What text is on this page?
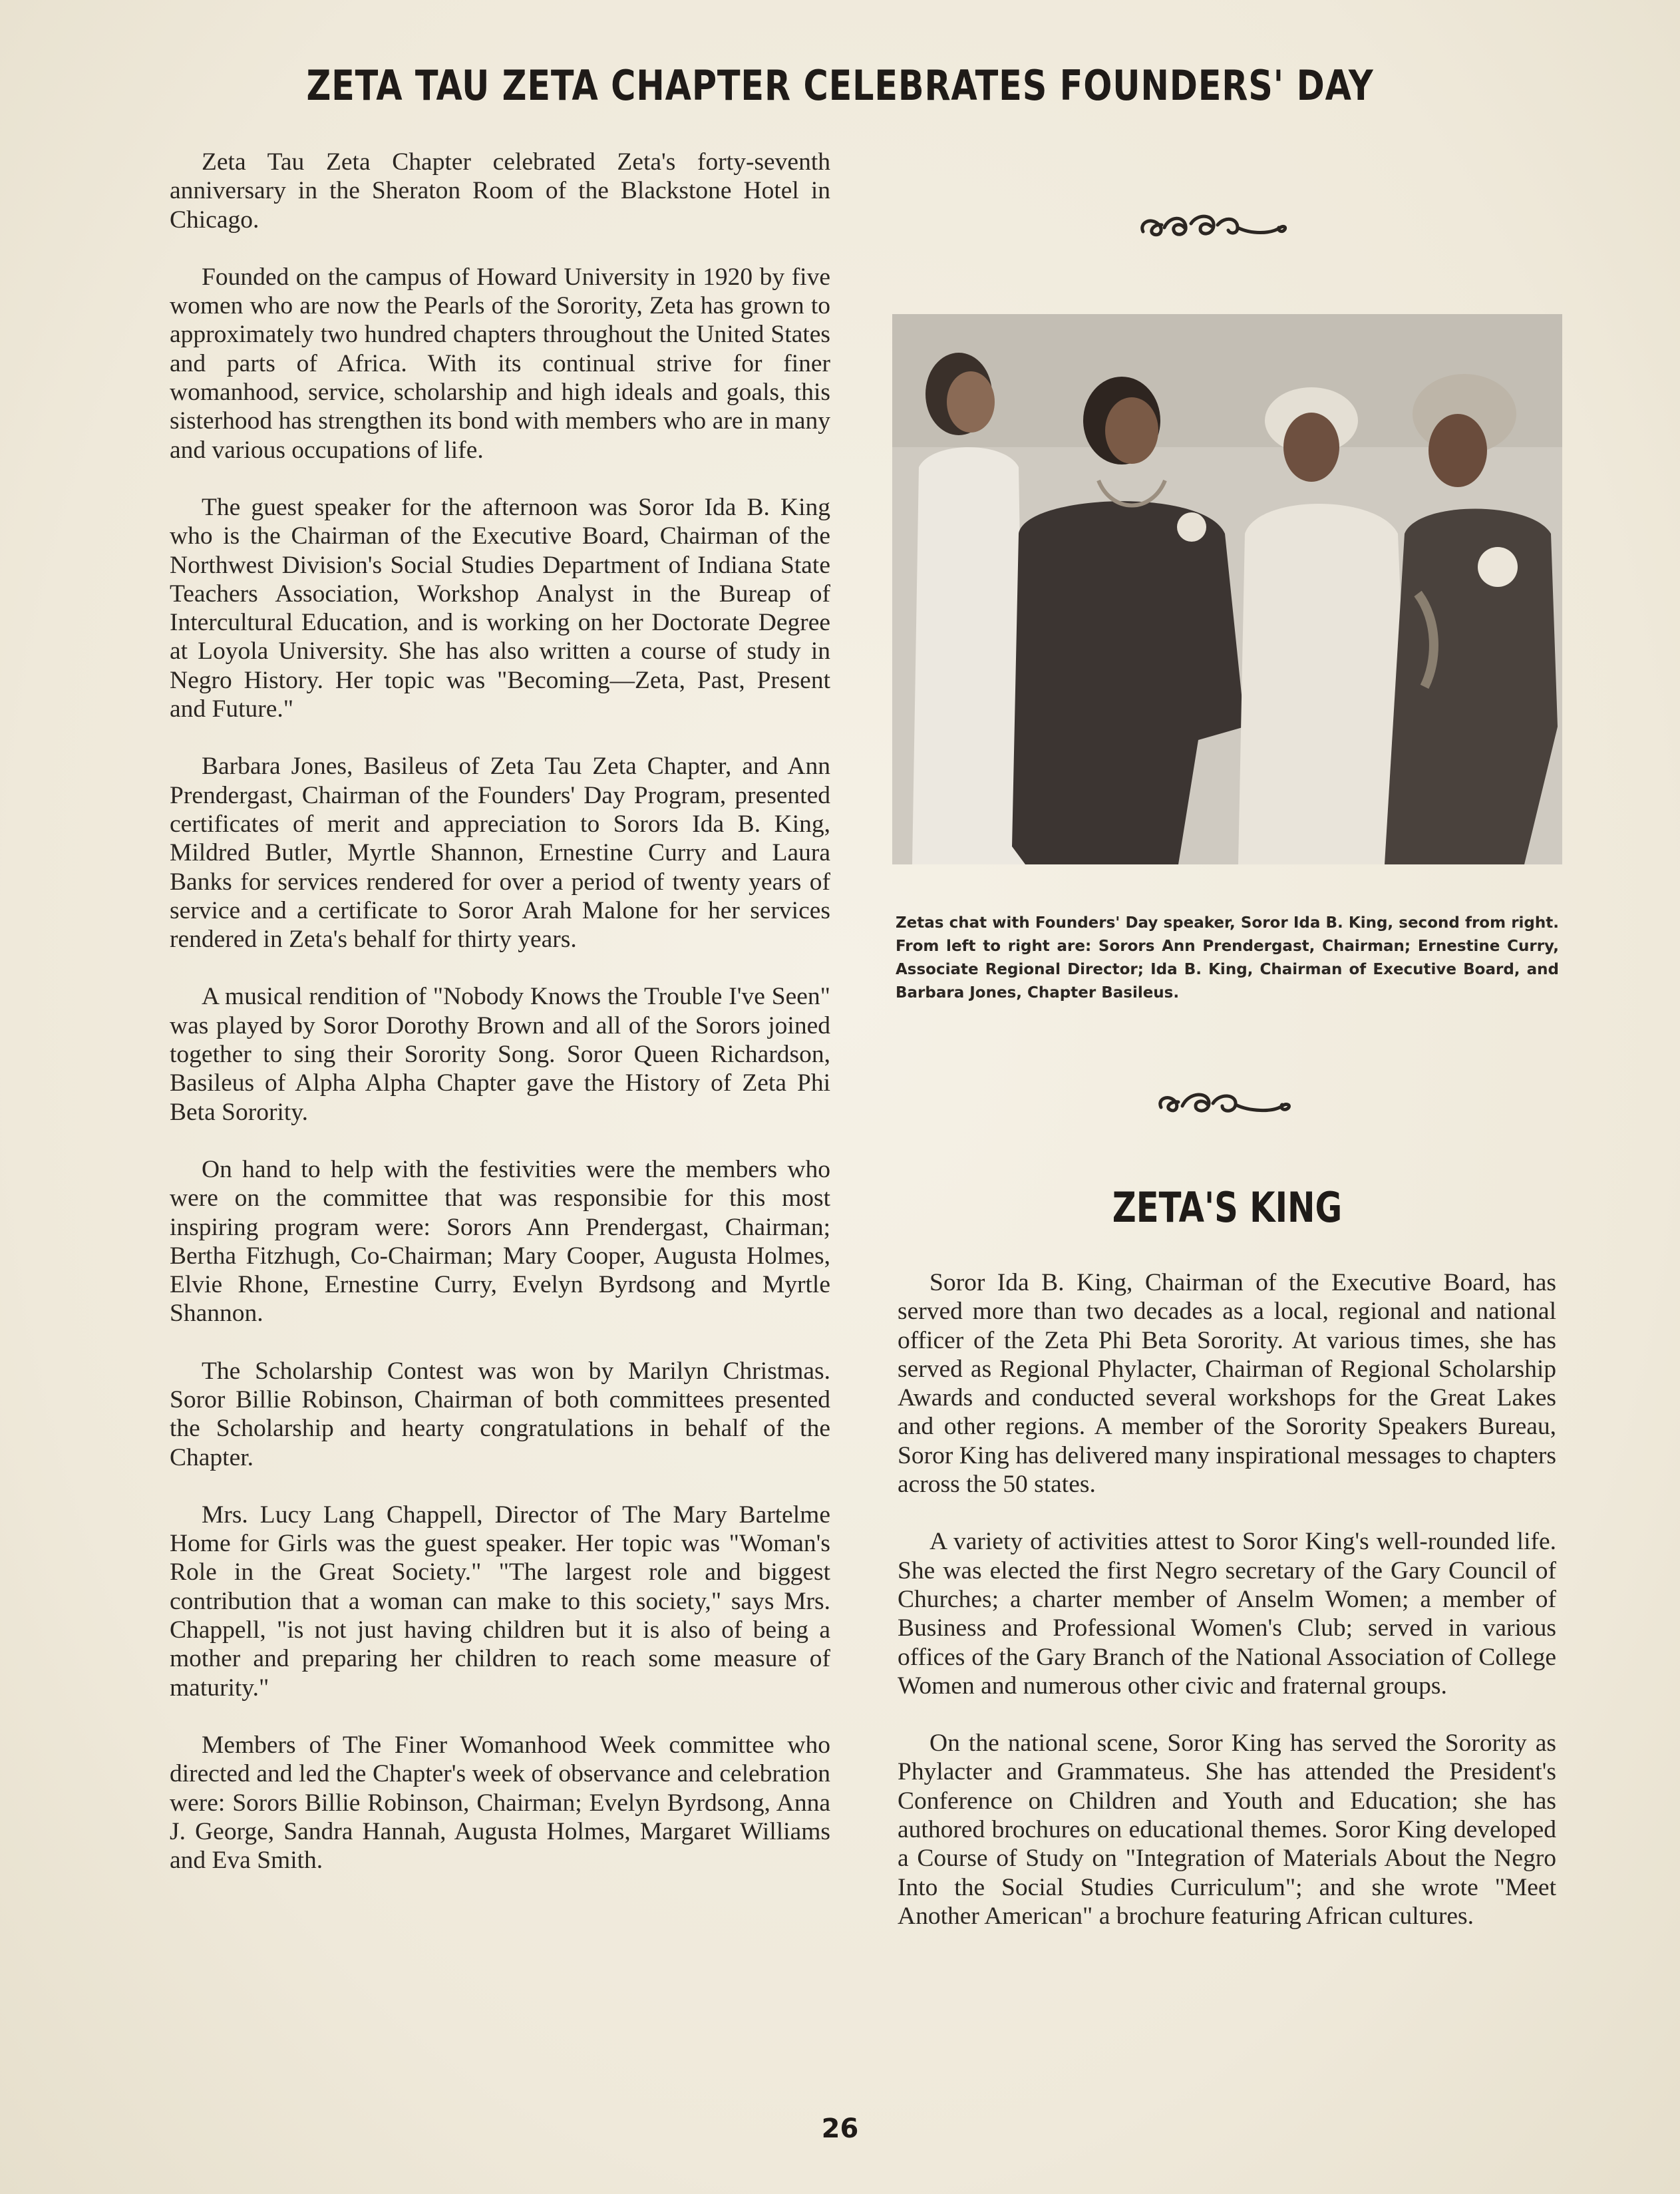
ZETA TAU ZETA CHAPTER CELEBRATES FOUNDERS' DAY

Zeta Tau Zeta Chapter celebrated Zeta's forty-seventh anniversary in the Sheraton Room of the Blackstone Hotel in Chicago.

Founded on the campus of Howard University in 1920 by five women who are now the Pearls of the Sorority, Zeta has grown to approximately two hundred chapters throughout the United States and parts of Africa. With its continual strive for finer womanhood, service, scholarship and high ideals and goals, this sisterhood has strengthen its bond with members who are in many and various occupations of life.

The guest speaker for the afternoon was Soror Ida B. King who is the Chairman of the Executive Board, Chairman of the Northwest Division's Social Studies Department of Indiana State Teachers Association, Workshop Analyst in the Bureap of Intercultural Education, and is working on her Doctorate Degree at Loyola University. She has also written a course of study in Negro History. Her topic was "Becoming—Zeta, Past, Present and Future."

Barbara Jones, Basileus of Zeta Tau Zeta Chapter, and Ann Prendergast, Chairman of the Founders' Day Program, presented certificates of merit and appreciation to Sorors Ida B. King, Mildred Butler, Myrtle Shannon, Ernestine Curry and Laura Banks for services rendered for over a period of twenty years of service and a certificate to Soror Arah Malone for her services rendered in Zeta's behalf for thirty years.

A musical rendition of "Nobody Knows the Trouble I've Seen" was played by Soror Dorothy Brown and all of the Sorors joined together to sing their Sorority Song. Soror Queen Richardson, Basileus of Alpha Alpha Chapter gave the History of Zeta Phi Beta Sorority.

On hand to help with the festivities were the members who were on the committee that was responsibie for this most inspiring program were: Sorors Ann Prendergast, Chairman; Bertha Fitzhugh, Co-Chairman; Mary Cooper, Augusta Holmes, Elvie Rhone, Ernestine Curry, Evelyn Byrdsong and Myrtle Shannon.

The Scholarship Contest was won by Marilyn Christmas. Soror Billie Robinson, Chairman of both committees presented the Scholarship and hearty congratulations in behalf of the Chapter.

Mrs. Lucy Lang Chappell, Director of The Mary Bartelme Home for Girls was the guest speaker. Her topic was "Woman's Role in the Great Society." "The largest role and biggest contribution that a woman can make to this society," says Mrs. Chappell, "is not just having children but it is also of being a mother and preparing her children to reach some measure of maturity."

Members of The Finer Womanhood Week committee who directed and led the Chapter's week of observance and celebration were: Sorors Billie Robinson, Chairman; Evelyn Byrdsong, Anna J. George, Sandra Hannah, Augusta Holmes, Margaret Williams and Eva Smith.

Zetas chat with Founders' Day speaker, Soror Ida B. King, second from right. From left to right are: Sorors Ann Prendergast, Chairman; Ernestine Curry, Associate Regional Director; Ida B. King, Chairman of Executive Board, and Barbara Jones, Chapter Basileus.
ZETA'S KING

Soror Ida B. King, Chairman of the Executive Board, has served more than two decades as a local, regional and national officer of the Zeta Phi Beta Sorority. At various times, she has served as Regional Phylacter, Chairman of Regional Scholarship Awards and conducted several workshops for the Great Lakes and other regions. A member of the Sorority Speakers Bureau, Soror King has delivered many inspirational messages to chapters across the 50 states.

A variety of activities attest to Soror King's well-rounded life. She was elected the first Negro secretary of the Gary Council of Churches; a charter member of Anselm Women; a member of Business and Professional Women's Club; served in various offices of the Gary Branch of the National Association of College Women and numerous other civic and fraternal groups.

On the national scene, Soror King has served the Sorority as Phylacter and Grammateus. She has attended the President's Conference on Children and Youth and Education; she has authored brochures on educational themes. Soror King developed a Course of Study on "Integration of Materials About the Negro Into the Social Studies Curriculum"; and she wrote "Meet Another American" a brochure featuring African cultures.

26
